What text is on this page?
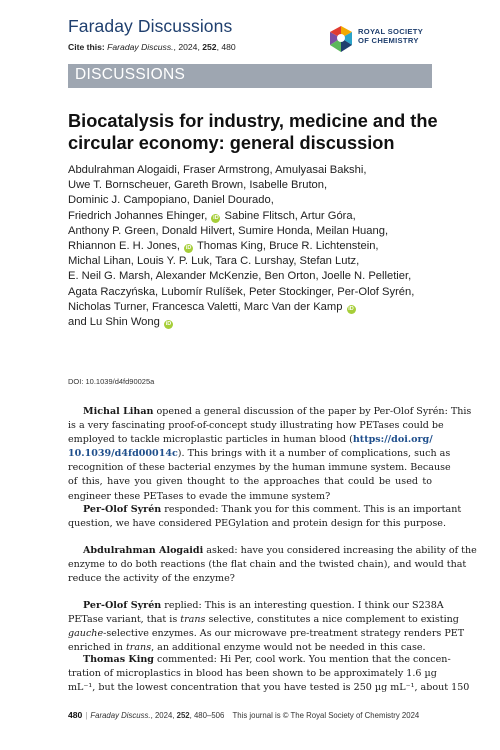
Faraday Discussions
Cite this: Faraday Discuss., 2024, 252, 480
ROYAL SOCIETY
OF CHEMISTRY
DISCUSSIONS
Biocatalysis for industry, medicine and the circular economy: general discussion
Abdulrahman Alogaidi, Fraser Armstrong, Amulyasai Bakshi,
Uwe T. Bornscheuer, Gareth Brown, Isabelle Bruton,
Dominic J. Campopiano, Daniel Dourado,
Friedrich Johannes Ehinger, iD Sabine Flitsch, Artur Góra,
Anthony P. Green, Donald Hilvert, Sumire Honda, Meilan Huang,
Rhiannon E. H. Jones, iD Thomas King, Bruce R. Lichtenstein,
Michal Lihan, Louis Y. P. Luk, Tara C. Lurshay, Stefan Lutz,
E. Neil G. Marsh, Alexander McKenzie, Ben Orton, Joelle N. Pelletier,
Agata Raczyńska, Lubomír Rulíšek, Peter Stockinger, Per-Olof Syrén,
Nicholas Turner, Francesca Valetti, Marc Van der Kamp iD
and Lu Shin Wong iD
DOI: 10.1039/d4fd90025a
Michal Lihan opened a general discussion of the paper by Per-Olof Syrén: This
is a very fascinating proof-of-concept study illustrating how PETases could be
employed to tackle microplastic particles in human blood (https://doi.org/
10.1039/d4fd00014c). This brings with it a number of complications, such as
recognition of these bacterial enzymes by the human immune system. Because
of this, have you given thought to the approaches that could be used to
engineer these PETases to evade the immune system?
Per-Olof Syrén responded: Thank you for this comment. This is an important
question, we have considered PEGylation and protein design for this purpose.
Abdulrahman Alogaidi asked: have you considered increasing the ability of the
enzyme to do both reactions (the flat chain and the twisted chain), and would that
reduce the activity of the enzyme?
Per-Olof Syrén replied: This is an interesting question. I think our S238A
PETase variant, that is trans selective, constitutes a nice complement to existing
gauche-selective enzymes. As our microwave pre-treatment strategy renders PET
enriched in trans, an additional enzyme would not be needed in this case.
Thomas King commented: Hi Per, cool work. You mention that the concen-
tration of microplastics in blood has been shown to be approximately 1.6 µg
mL⁻¹, but the lowest concentration that you have tested is 250 µg mL⁻¹, about 150
480 | Faraday Discuss., 2024, 252, 480–506 This journal is © The Royal Society of Chemistry 2024
